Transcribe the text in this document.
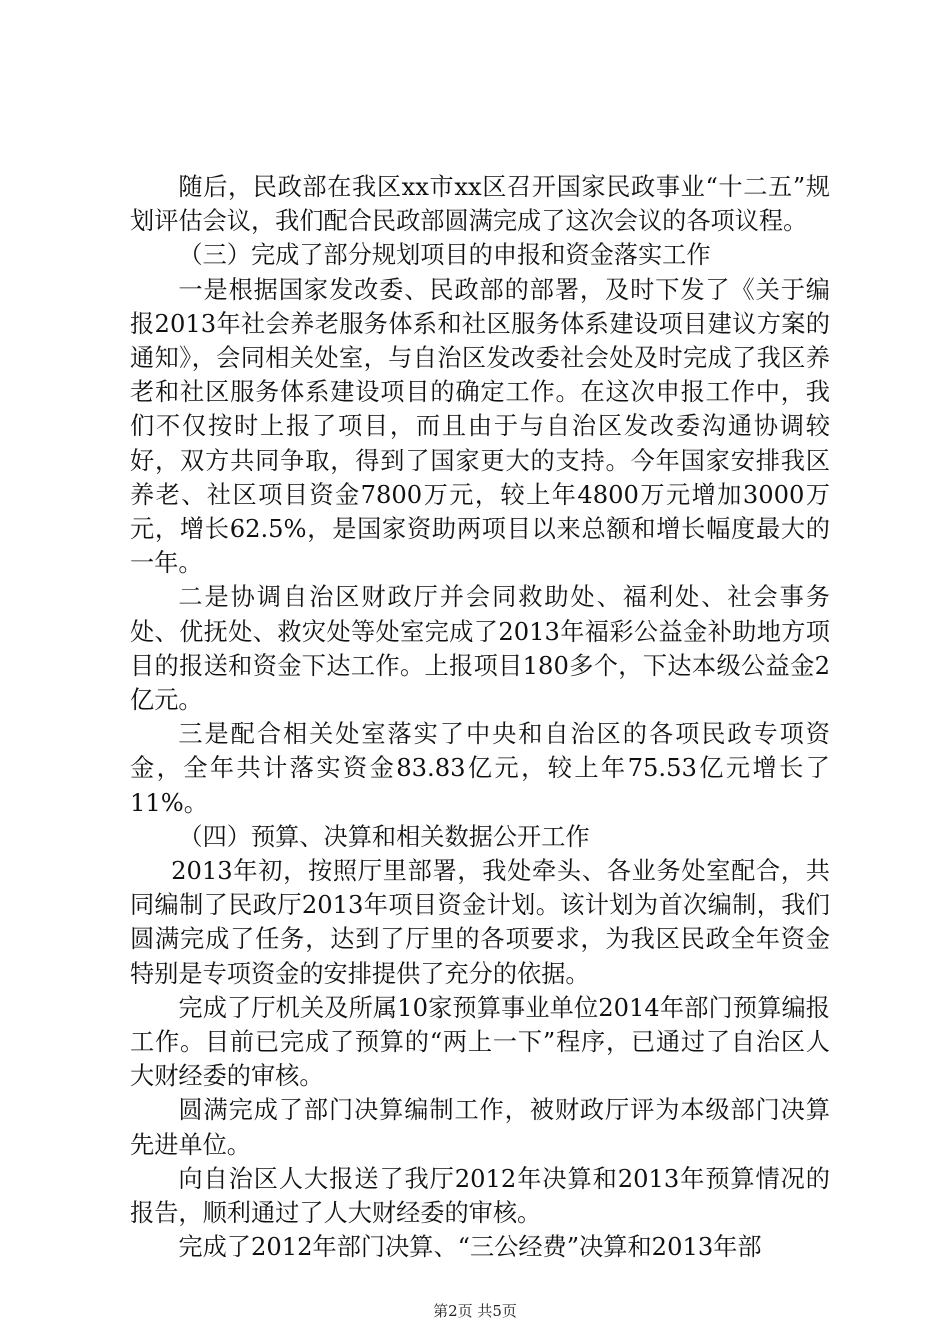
随后，民政部在我区xx市xx区召开国家民政事业“十二五”规划评估会议，我们配合民政部圆满完成了这次会议的各项议程。

（三）完成了部分规划项目的申报和资金落实工作

一是根据国家发改委、民政部的部署，及时下发了《关于编报2013年社会养老服务体系和社区服务体系建设项目建议方案的通知》，会同相关处室，与自治区发改委社会处及时完成了我区养老和社区服务体系建设项目的确定工作。在这次申报工作中，我们不仅按时上报了项目，而且由于与自治区发改委沟通协调较好，双方共同争取，得到了国家更大的支持。今年国家安排我区养老、社区项目资金7800万元，较上年4800万元增加3000万元，增长62.5%，是国家资助两项目以来总额和增长幅度最大的一年。

二是协调自治区财政厅并会同救助处、福利处、社会事务处、优抚处、救灾处等处室完成了2013年福彩公益金补助地方项目的报送和资金下达工作。上报项目180多个，下达本级公益金2亿元。

三是配合相关处室落实了中央和自治区的各项民政专项资金，全年共计落实资金83.83亿元，较上年75.53亿元增长了11%。

（四）预算、决算和相关数据公开工作

2013年初，按照厅里部署，我处牵头、各业务处室配合，共同编制了民政厅2013年项目资金计划。该计划为首次编制，我们圆满完成了任务，达到了厅里的各项要求，为我区民政全年资金特别是专项资金的安排提供了充分的依据。

完成了厅机关及所属10家预算事业单位2014年部门预算编报工作。目前已完成了预算的“两上一下”程序，已通过了自治区人大财经委的审核。

圆满完成了部门决算编制工作，被财政厅评为本级部门决算先进单位。

向自治区人大报送了我厅2012年决算和2013年预算情况的报告，顺利通过了人大财经委的审核。

完成了2012年部门决算、“三公经费”决算和2013年部

第2页 共5页
